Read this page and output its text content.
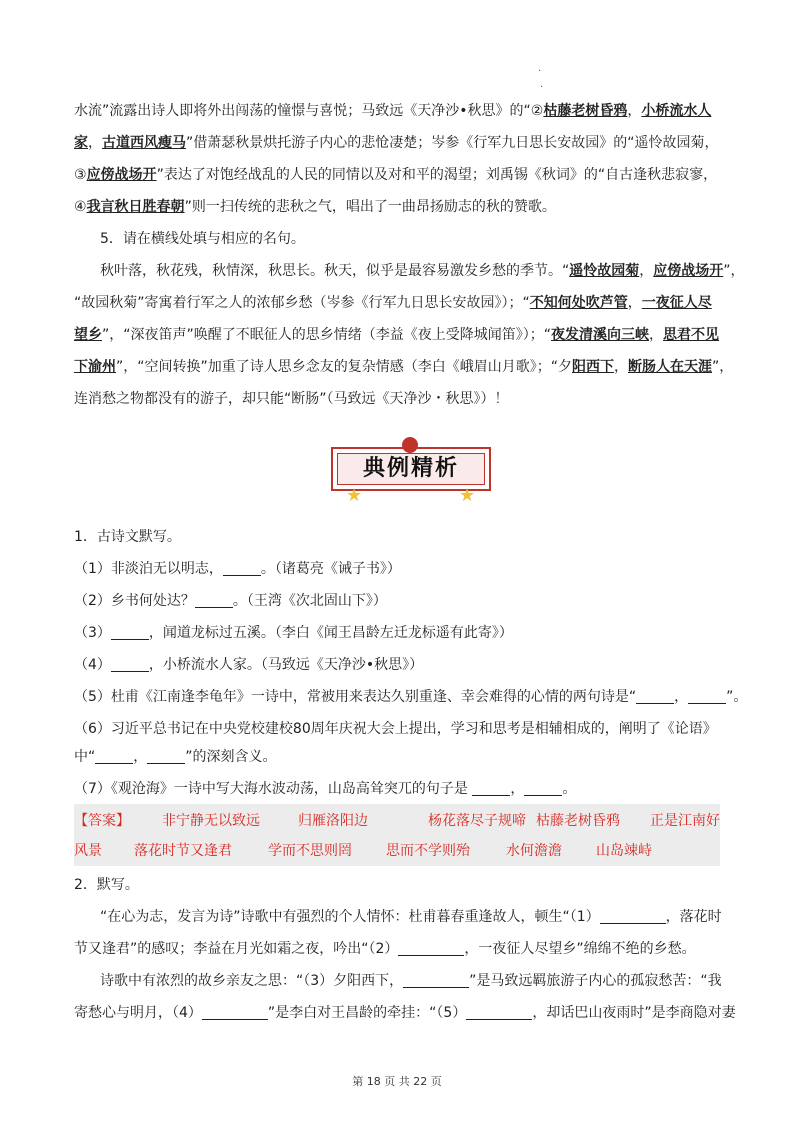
.
.
水流”流露出诗人即将外出闯荡的憧憬与喜悦；马致远《天净沙•秋思》的“②枯藤老树昏鸦，小桥流水人
家，古道西风瘦马”借萧瑟秋景烘托游子内心的悲怆凄楚；岑参《行军九日思长安故园》的“遥怜故园菊，
③应傍战场开”表达了对饱经战乱的人民的同情以及对和平的渴望；刘禹锡《秋词》的“自古逢秋悲寂寥，
④我言秋日胜春朝”则一扫传统的悲秋之气，唱出了一曲昂扬励志的秋的赞歌。
5．请在横线处填与相应的名句。
秋叶落，秋花残，秋情深，秋思长。秋天，似乎是最容易激发乡愁的季节。“遥怜故园菊，应傍战场开”，
“故园秋菊”寄寓着行军之人的浓郁乡愁（岑参《行军九日思长安故园》）；“不知何处吹芦管，一夜征人尽
望乡”，“深夜笛声”唤醒了不眠征人的思乡情绪（李益《夜上受降城闻笛》）；“夜发清溪向三峡，思君不见
下渝州”，“空间转换”加重了诗人思乡念友的复杂情感（李白《峨眉山月歌》；“夕阳西下，断肠人在天涯”，
连消愁之物都没有的游子，却只能“断肠”（马致远《天净沙・秋思》）！
典例精析
★	★
1．古诗文默写。
（1）非淡泊无以明志，	。（诸葛亮《诫子书》）
（2）乡书何处达？	。（王湾《次北固山下》）
（3）	，闻道龙标过五溪。（李白《闻王昌龄左迁龙标遥有此寄》）
（4）	，小桥流水人家。（马致远《天净沙•秋思》）
（5）杜甫《江南逢李龟年》一诗中，常被用来表达久别重逢、幸会难得的心情的两句诗是“	，	”。
（6）习近平总书记在中央党校建校80周年庆祝大会上提出，学习和思考是相辅相成的，阐明了《论语》
中“	，	”的深刻含义。
（7）《观沧海》一诗中写大海水波动荡，山岛高耸突兀的句子是	，	。
【答案】 非宁静无以致远	归雁洛阳边	杨花落尽子规啼 枯藤老树昏鸦 正是江南好
风景 落花时节又逢君	学而不思则罔 思而不学则殆	水何澹澹 山岛竦峙
2．默写。
“在心为志，发言为诗”诗歌中有强烈的个人情怀：杜甫暮春重逢故人，顿生“（1）	，落花时
节又逢君”的感叹；李益在月光如霜之夜，吟出“（2）	，一夜征人尽望乡”绵绵不绝的乡愁。
诗歌中有浓烈的故乡亲友之思：“（3）夕阳西下，	”是马致远羁旅游子内心的孤寂愁苦：“我
寄愁心与明月，（4）	”是李白对王昌龄的牵挂：“（5）	，却话巴山夜雨时”是李商隐对妻
第 18 页 共 22 页
